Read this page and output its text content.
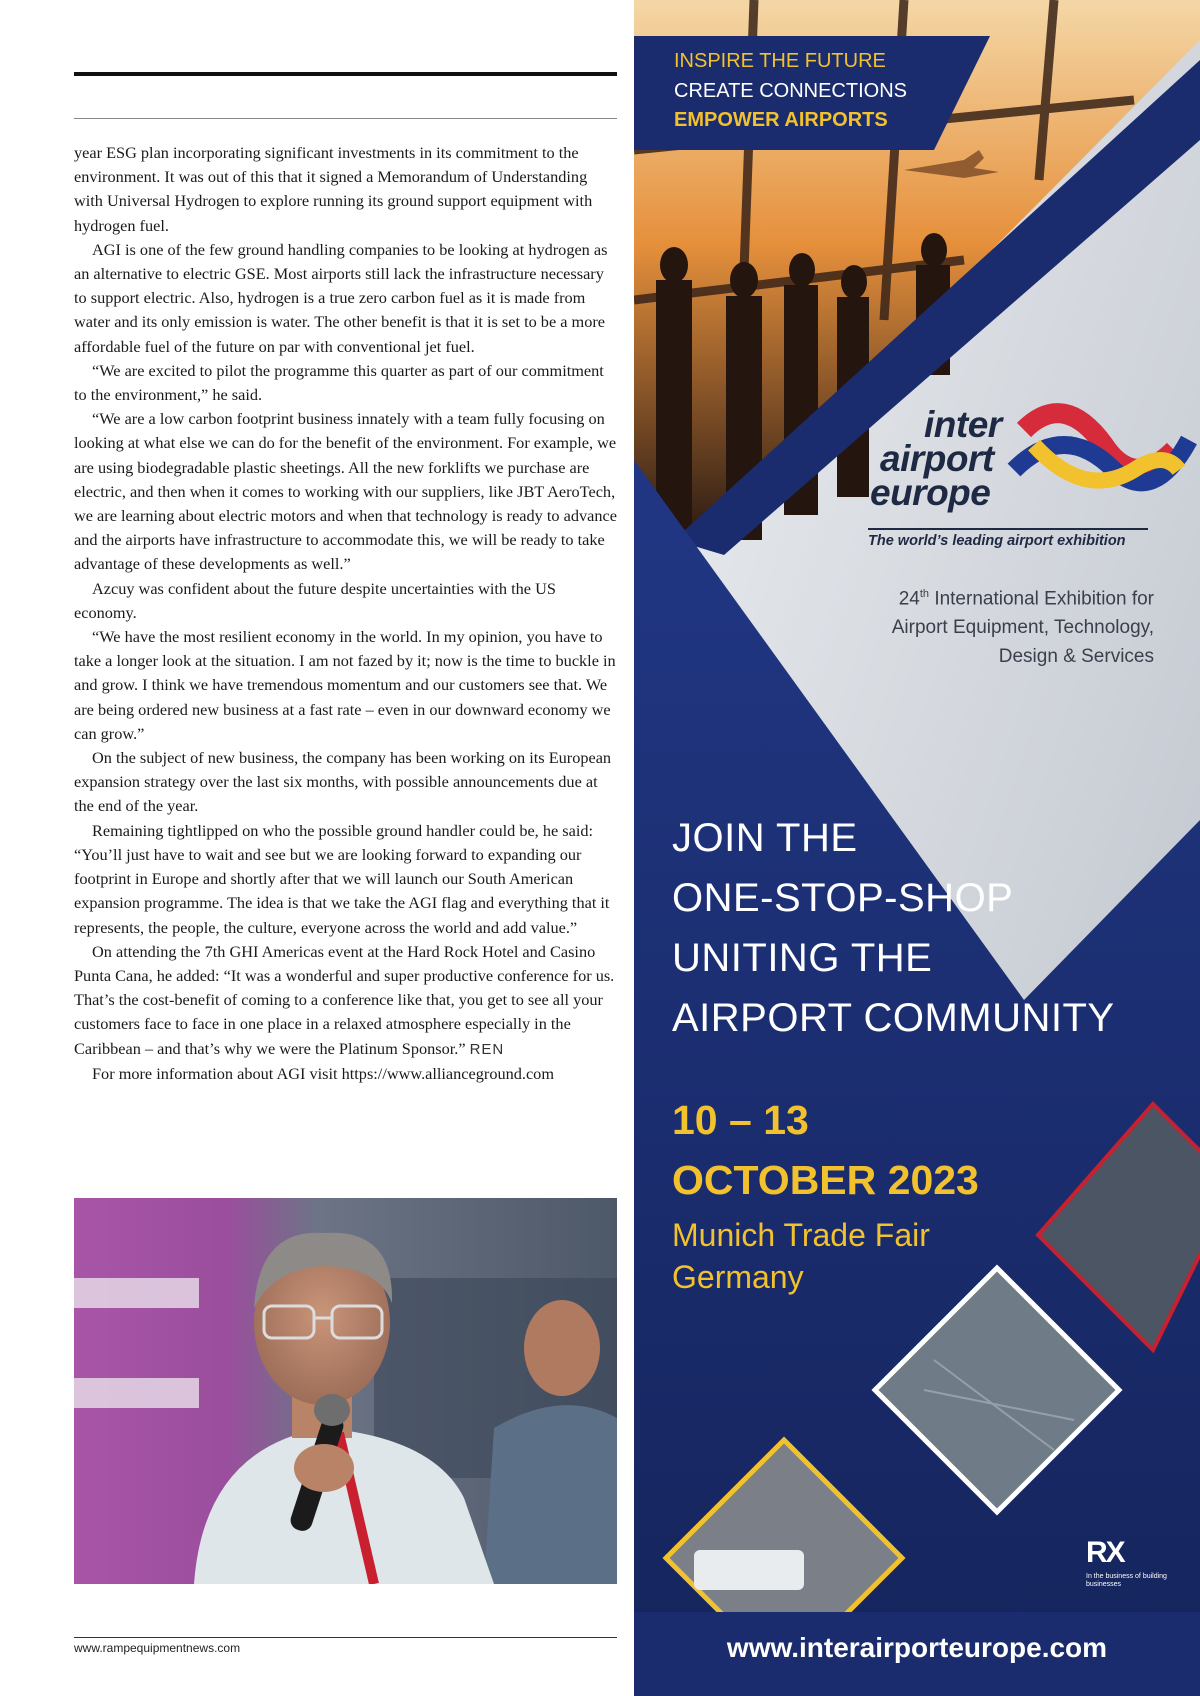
year ESG plan incorporating significant investments in its commitment to the environment. It was out of this that it signed a Memorandum of Understanding with Universal Hydrogen to explore running its ground support equipment with hydrogen fuel.

AGI is one of the few ground handling companies to be looking at hydrogen as an alternative to electric GSE. Most airports still lack the infrastructure necessary to support electric. Also, hydrogen is a true zero carbon fuel as it is made from water and its only emission is water. The other benefit is that it is set to be a more affordable fuel of the future on par with conventional jet fuel.

“We are excited to pilot the programme this quarter as part of our commitment to the environment,” he said.

“We are a low carbon footprint business innately with a team fully focusing on looking at what else we can do for the benefit of the environment. For example, we are using biodegradable plastic sheetings. All the new forklifts we purchase are electric, and then when it comes to working with our suppliers, like JBT AeroTech, we are learning about electric motors and when that technology is ready to advance and the airports have infrastructure to accommodate this, we will be ready to take advantage of these developments as well.”

Azcuy was confident about the future despite uncertainties with the US economy.

“We have the most resilient economy in the world. In my opinion, you have to take a longer look at the situation. I am not fazed by it; now is the time to buckle in and grow. I think we have tremendous momentum and our customers see that. We are being ordered new business at a fast rate – even in our downward economy we can grow.”

On the subject of new business, the company has been working on its European expansion strategy over the last six months, with possible announcements due at the end of the year.

Remaining tightlipped on who the possible ground handler could be, he said: “You’ll just have to wait and see but we are looking forward to expanding our footprint in Europe and shortly after that we will launch our South American expansion programme. The idea is that we take the AGI flag and everything that it represents, the people, the culture, everyone across the world and add value.”

On attending the 7th GHI Americas event at the Hard Rock Hotel and Casino Punta Cana, he added: “It was a wonderful and super productive conference for us. That’s the cost-benefit of coming to a conference like that, you get to see all your customers face to face in one place in a relaxed atmosphere especially in the Caribbean – and that’s why we were the Platinum Sponsor.” REN

For more information about AGI visit https://www.allianceground.com

www.rampequipmentnews.com
INSPIRE THE FUTURE
CREATE CONNECTIONS
EMPOWER AIRPORTS
inter
airport
europe
The world’s leading airport exhibition
24th International Exhibition for
Airport Equipment, Technology,
Design & Services
JOIN THE
ONE-STOP-SHOP
UNITING THE
AIRPORT COMMUNITY
10 – 13
OCTOBER 2023
Munich Trade Fair
Germany
RX
In the business of building businesses
www.interairporteurope.com
